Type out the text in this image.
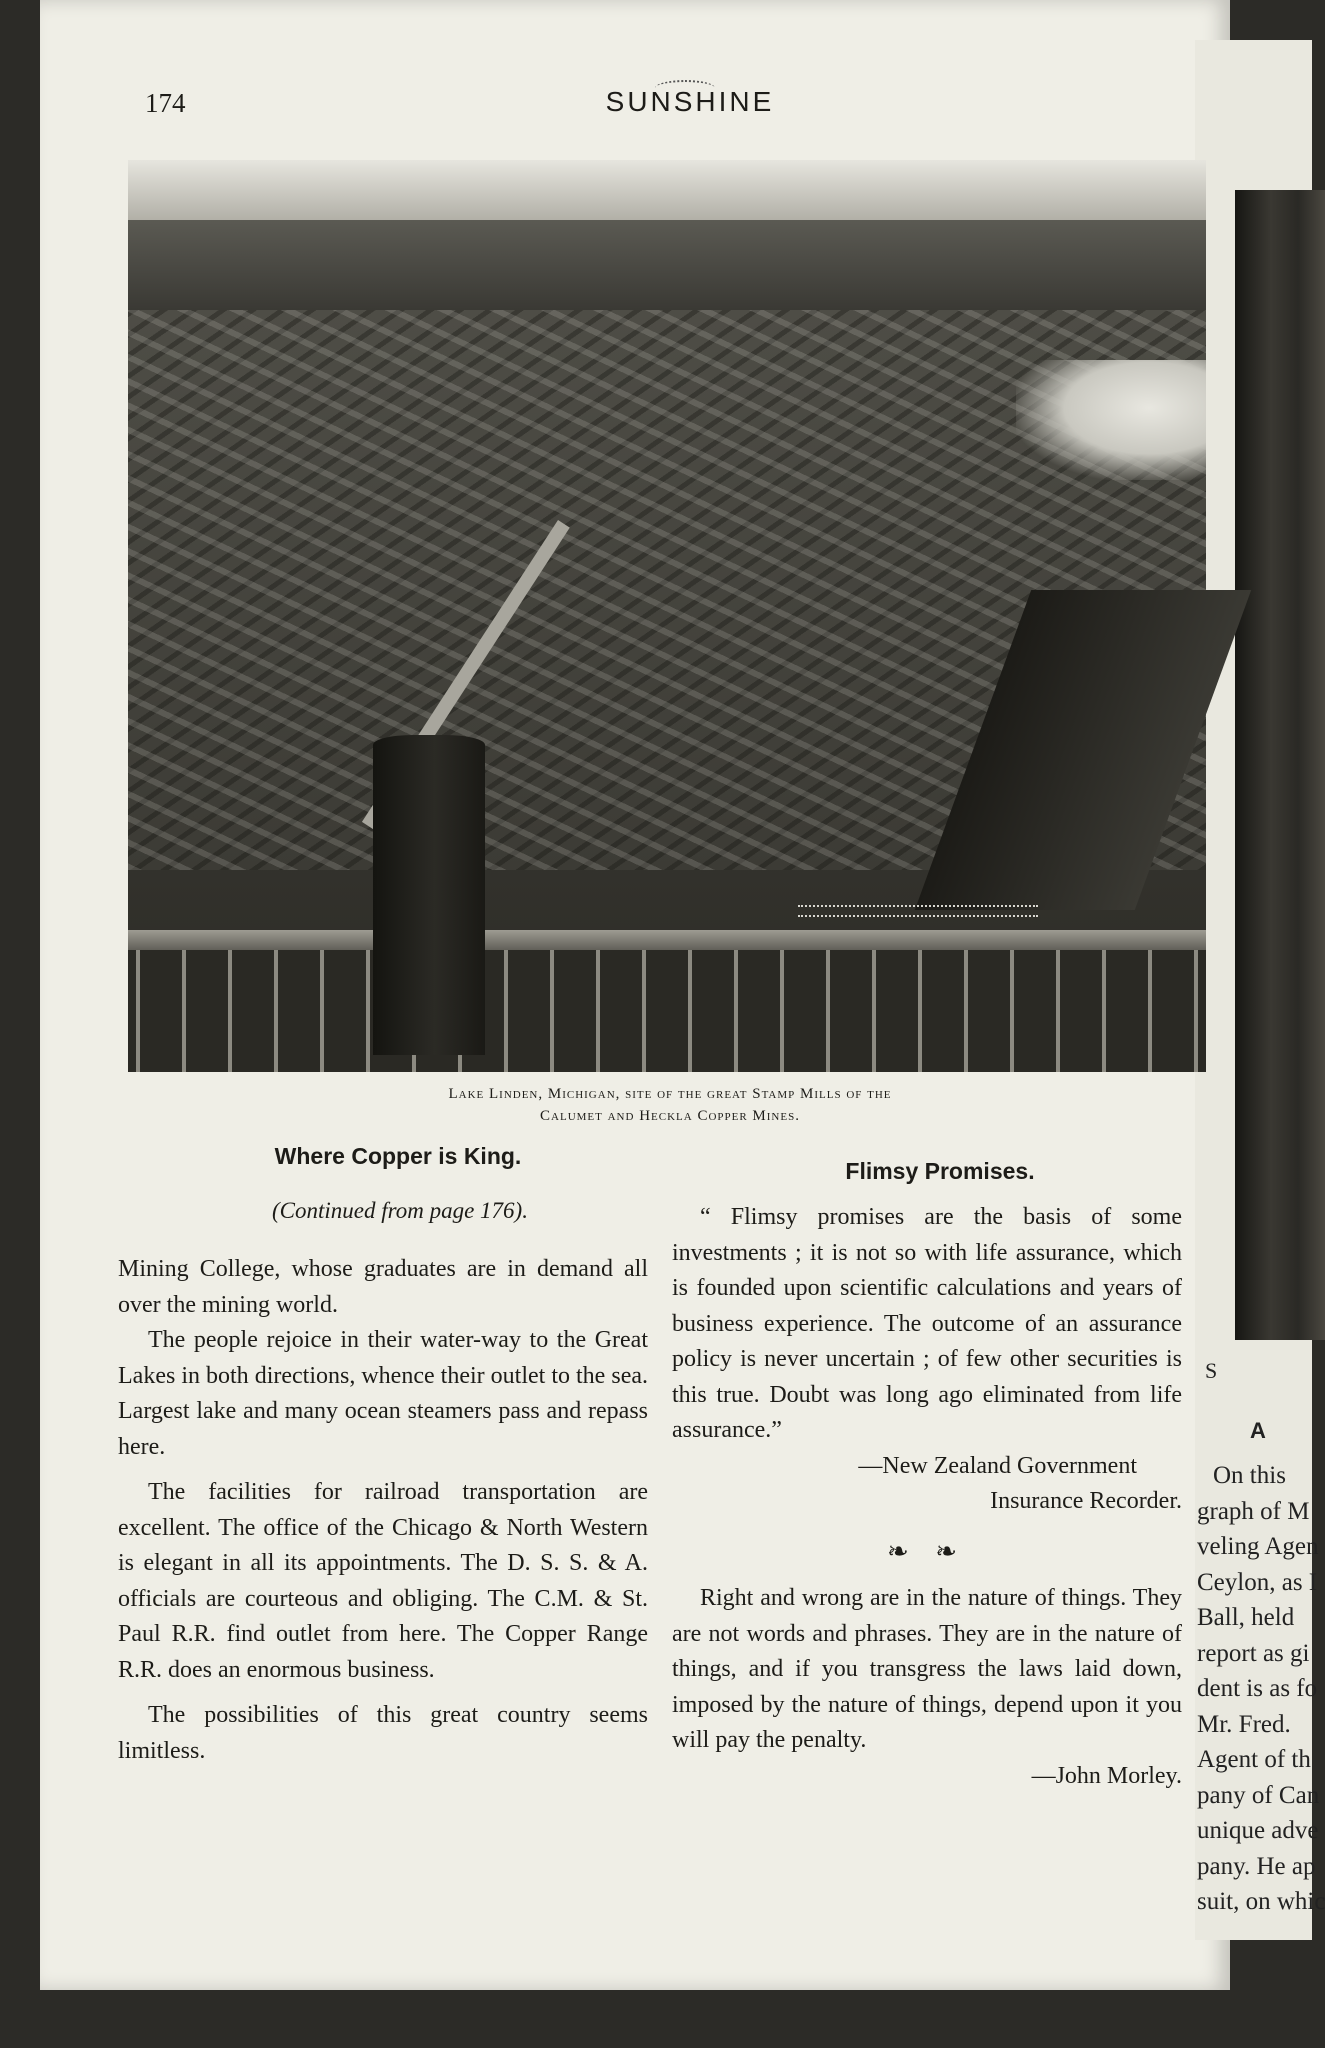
S
A
On this
graph of M
veling Agen
Ceylon, as I
Ball, held
report as gi
dent is as fo
Mr. Fred.
Agent of th
pany of Can
unique adve
pany. He ap
suit, on whic
174	SUNSHINE
Lake Linden, Michigan, site of the great Stamp Mills of the
Calumet and Heckla Copper Mines.
Where Copper is King.
(Continued from page 176).
Flimsy Promises.

Mining College, whose graduates are in demand all over the mining world.

The people rejoice in their water-way to the Great Lakes in both directions, whence their outlet to the sea. Largest lake and many ocean steamers pass and repass here.

The facilities for railroad transportation are excellent. The office of the Chicago & North Western is elegant in all its appointments. The D. S. S. & A. officials are courteous and obliging. The C.M. & St. Paul R.R. find outlet from here. The Copper Range R.R. does an enormous business.

The possibilities of this great country seems limitless.

“ Flimsy promises are the basis of some investments ; it is not so with life assurance, which is founded upon scientific calculations and years of business experience. The outcome of an assurance policy is never uncertain ; of few other securities is this true. Doubt was long ago eliminated from life assurance.”

—New Zealand Government

Insurance Recorder.

❧ ❧

Right and wrong are in the nature of things. They are not words and phrases. They are in the nature of things, and if you transgress the laws laid down, imposed by the nature of things, depend upon it you will pay the penalty.

—John Morley.
